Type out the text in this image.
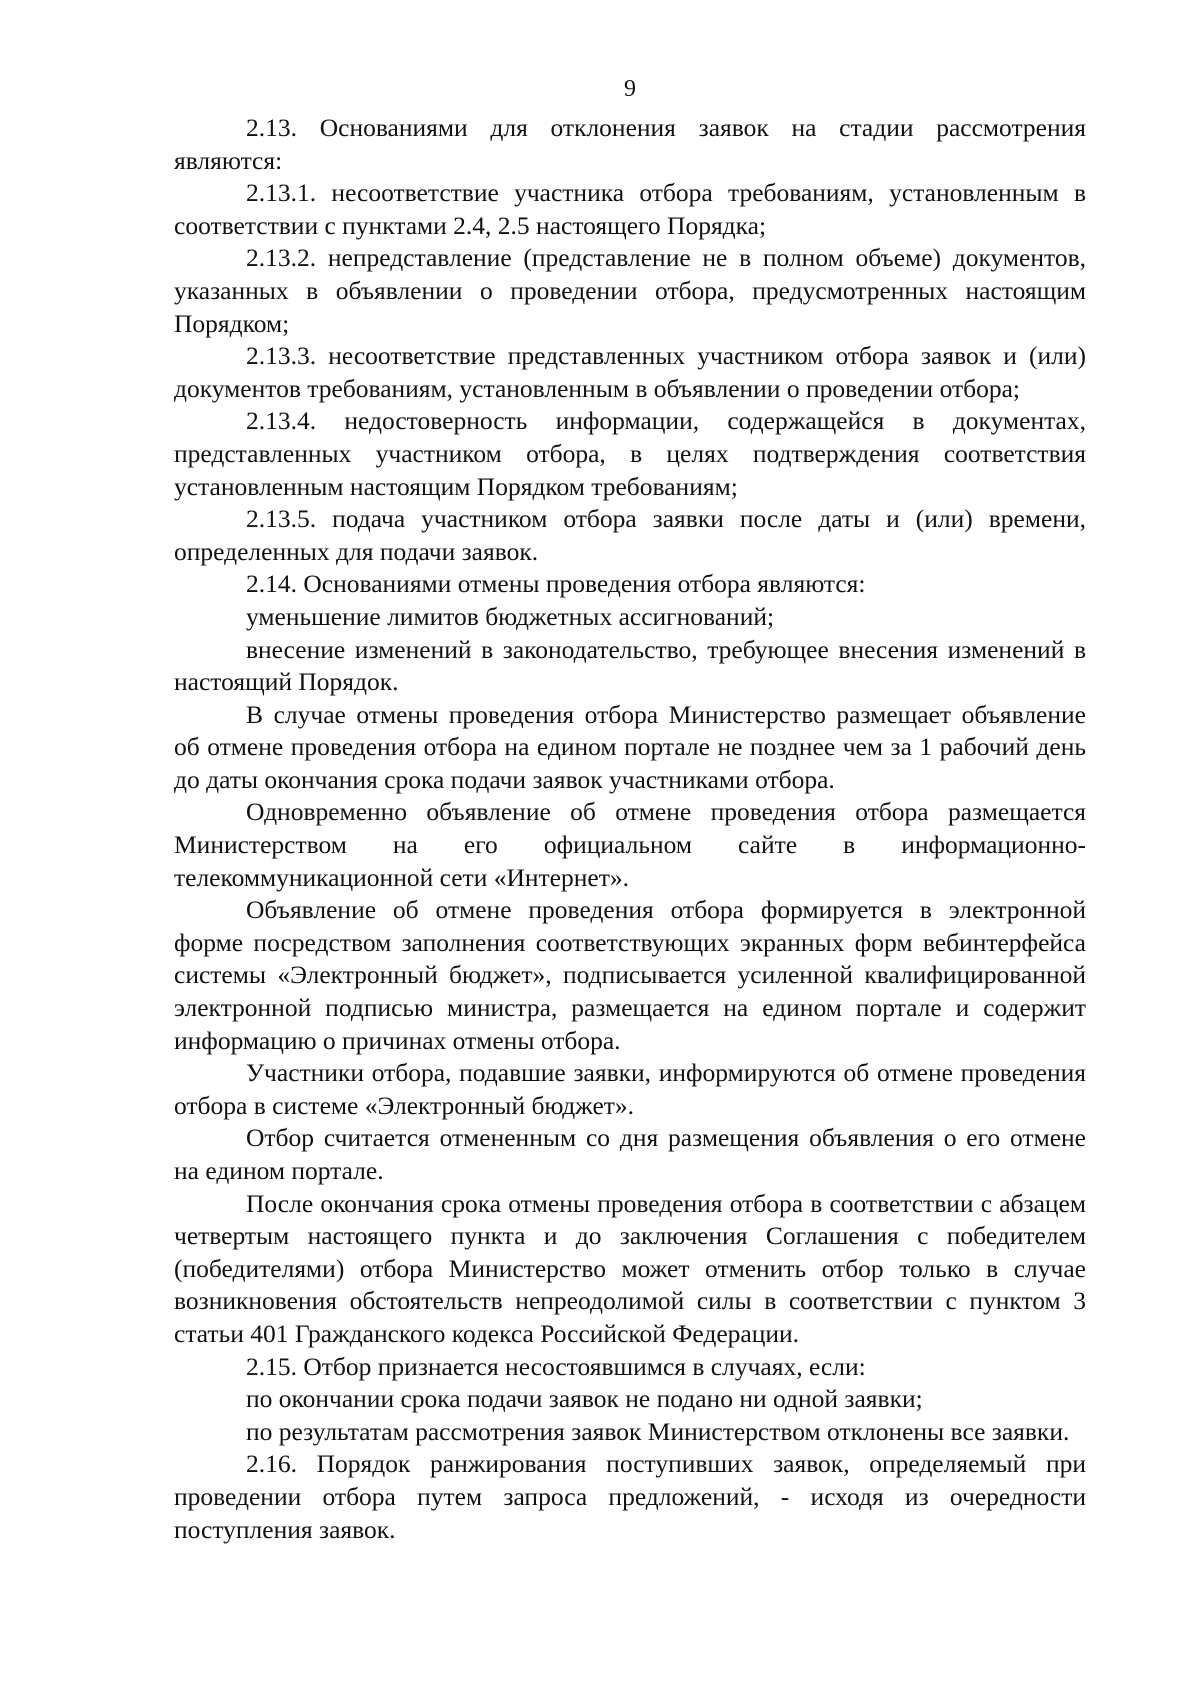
9

2.13. Основаниями для отклонения заявок на стадии рассмотрения являются:

2.13.1. несоответствие участника отбора требованиям, установленным в соответствии с пунктами 2.4, 2.5 настоящего Порядка;

2.13.2. непредставление (представление не в полном объеме) документов, указанных в объявлении о проведении отбора, предусмотренных настоящим Порядком;

2.13.3. несоответствие представленных участником отбора заявок и (или) документов требованиям, установленным в объявлении о проведении отбора;

2.13.4. недостоверность информации, содержащейся в документах, представленных участником отбора, в целях подтверждения соответствия установленным настоящим Порядком требованиям;

2.13.5. подача участником отбора заявки после даты и (или) времени, определенных для подачи заявок.

2.14. Основаниями отмены проведения отбора являются:

уменьшение лимитов бюджетных ассигнований;

внесение изменений в законодательство, требующее внесения изменений в настоящий Порядок.

В случае отмены проведения отбора Министерство размещает объявление об отмене проведения отбора на едином портале не позднее чем за 1 рабочий день до даты окончания срока подачи заявок участниками отбора.

Одновременно объявление об отмене проведения отбора размещается Министерством на его официальном сайте в информационно-телекоммуникационной сети «Интернет».

Объявление об отмене проведения отбора формируется в электронной форме посредством заполнения соответствующих экранных форм вебинтерфейса системы «Электронный бюджет», подписывается усиленной квалифицированной электронной подписью министра, размещается на едином портале и содержит информацию о причинах отмены отбора.

Участники отбора, подавшие заявки, информируются об отмене проведения отбора в системе «Электронный бюджет».

Отбор считается отмененным со дня размещения объявления о его отмене на едином портале.

После окончания срока отмены проведения отбора в соответствии с абзацем четвертым настоящего пункта и до заключения Соглашения с победителем (победителями) отбора Министерство может отменить отбор только в случае возникновения обстоятельств непреодолимой силы в соответствии с пунктом 3 статьи 401 Гражданского кодекса Российской Федерации.

2.15. Отбор признается несостоявшимся в случаях, если:

по окончании срока подачи заявок не подано ни одной заявки;

по результатам рассмотрения заявок Министерством отклонены все заявки.

2.16. Порядок ранжирования поступивших заявок, определяемый при проведении отбора путем запроса предложений, - исходя из очередности поступления заявок.
